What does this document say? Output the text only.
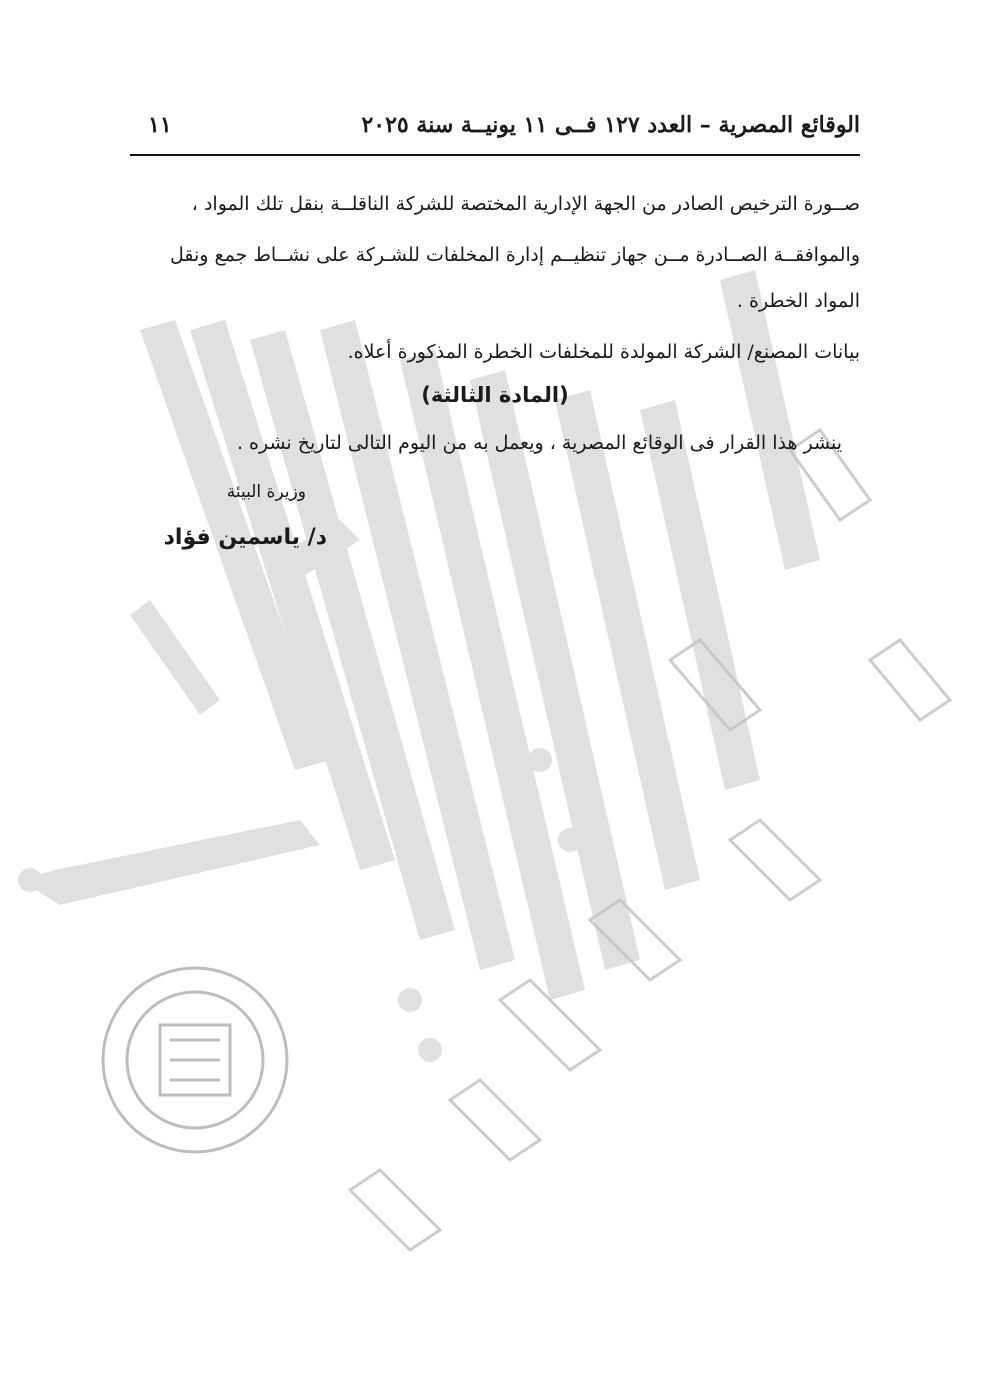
الوقائع المصرية – العدد ١٢٧ فــى ١١ يونيــة سنة ٢٠٢٥
١١
صــورة الترخيص الصادر من الجهة الإدارية المختصة للشركة الناقلــة بنقل تلك المواد ،
والموافقــة الصــادرة مــن جهاز تنظيــم إدارة المخلفات للشـركة على نشــاط جمع ونقل
المواد الخطرة .
بيانات المصنع/ الشركة المولدة للمخلفات الخطرة المذكورة أعلاه.
(المادة الثالثة)
ينشر هذا القرار فى الوقائع المصرية ، ويعمل به من اليوم التالى لتاريخ نشره .
وزيرة البيئة
د/ ياسمين فؤاد
